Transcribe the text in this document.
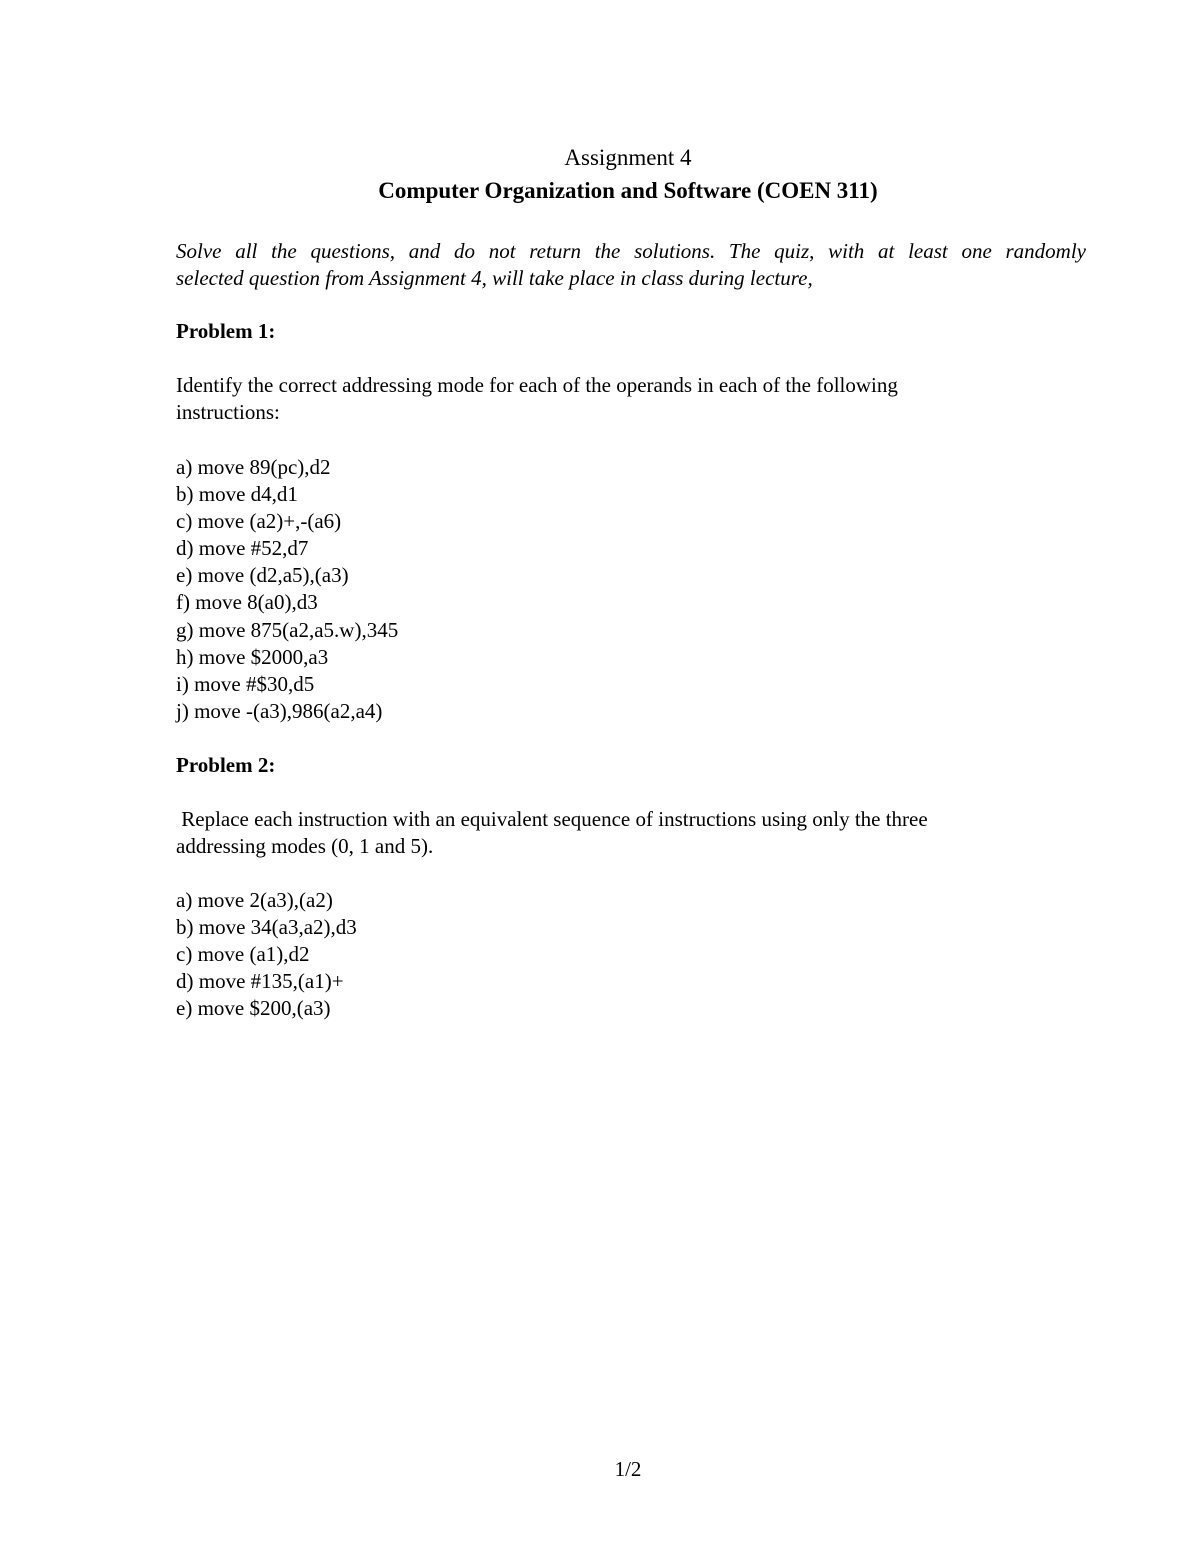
Assignment 4
Computer Organization and Software (COEN 311)
Solve all the questions, and do not return the solutions. The quiz, with at least one randomly
selected question from Assignment 4, will take place in class during lecture,
Problem 1:
Identify the correct addressing mode for each of the operands in each of the following
instructions:
a) move 89(pc),d2
b) move d4,d1
c) move (a2)+,-(a6)
d) move #52,d7
e) move (d2,a5),(a3)
f) move 8(a0),d3
g) move 875(a2,a5.w),345
h) move $2000,a3
i) move #$30,d5
j) move -(a3),986(a2,a4)
Problem 2:
Replace each instruction with an equivalent sequence of instructions using only the three
addressing modes (0, 1 and 5).
a) move 2(a3),(a2)
b) move 34(a3,a2),d3
c) move (a1),d2
d) move #135,(a1)+
e) move $200,(a3)
1/2
